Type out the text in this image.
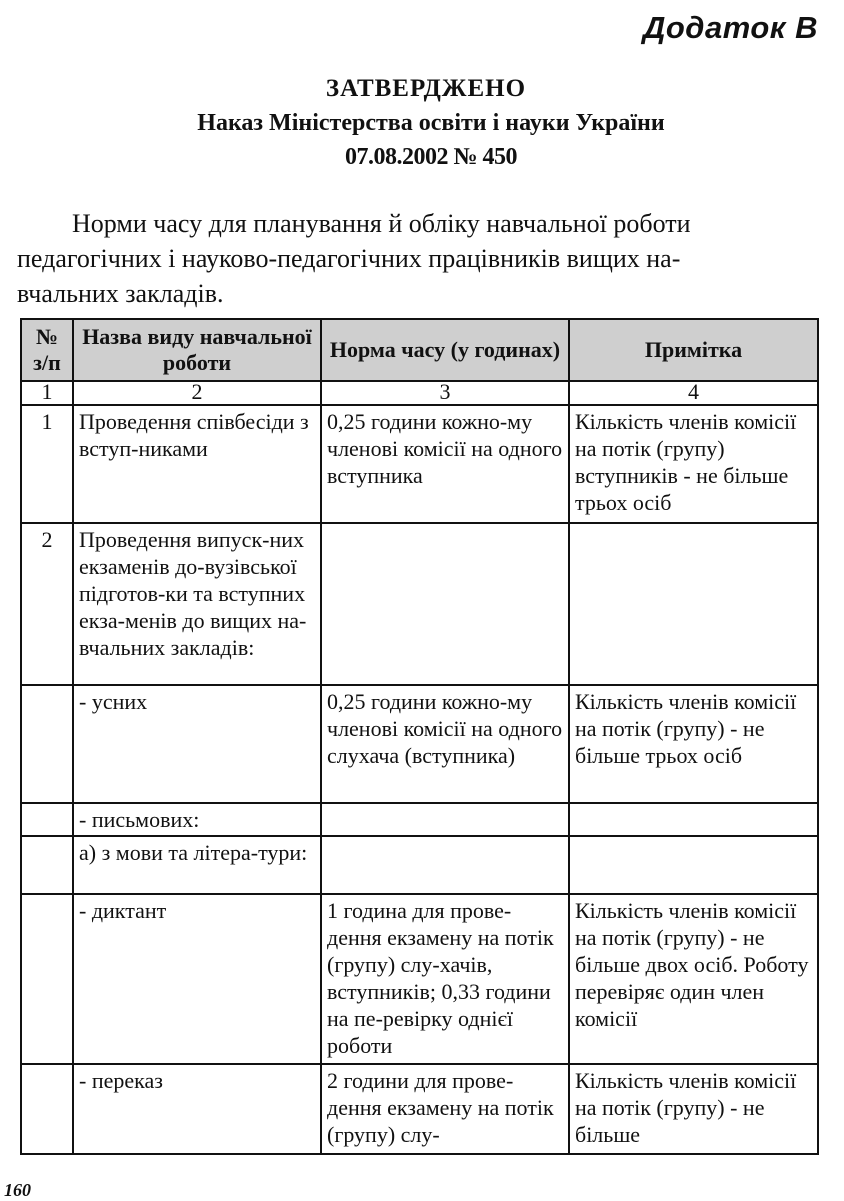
Додаток В
ЗАТВЕРДЖЕНО
Наказ Міністерства освіти і науки України
07.08.2002 № 450
Норми часу для планування й обліку навчальної роботи
педагогічних і науково-педагогічних працівників вищих на-
вчальних закладів.
№ з/п	Назва виду навчальної роботи	Норма часу (у годинах)	Примітка
1	2	3	4
1	Проведення співбесіди з вступ-никами	0,25 години кожно-му членові комісії на одного вступника	Кількість членів комісії на потік (групу) вступників - не більше трьох осіб
2	Проведення випуск-них екзаменів до-вузівської підготов-ки та вступних екза-менів до вищих на-вчальних закладів:		
	- усних	0,25 години кожно-му членові комісії на одного слухача (вступника)	Кількість членів комісії на потік (групу) - не більше трьох осіб
	- письмових:		
	а) з мови та літера-тури:		
	- диктант	1 година для прове-дення екзамену на потік (групу) слу-хачів, вступників; 0,33 години на пе-ревірку однієї роботи	Кількість членів комісії на потік (групу) - не більше двох осіб. Роботу перевіряє один член комісії
	- переказ	2 години для прове-дення екзамену на потік (групу) слу-	Кількість членів комісії на потік (групу) - не більше
160
